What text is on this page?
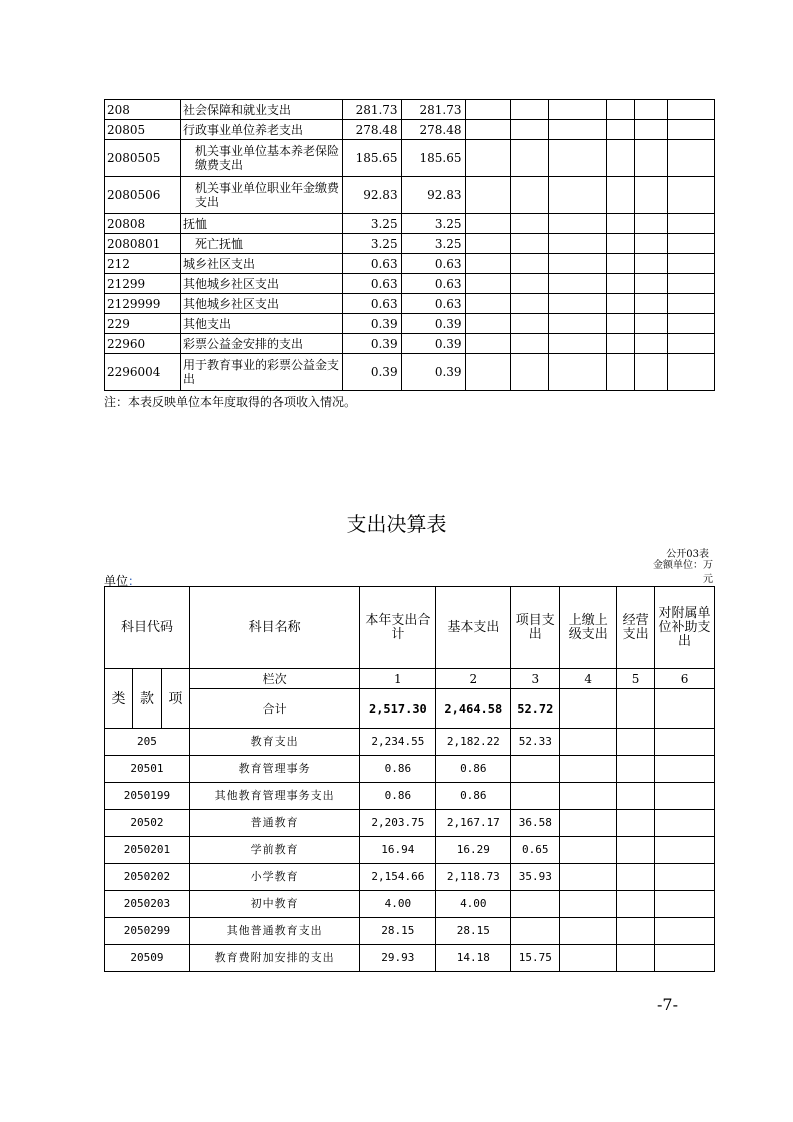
208	社会保障和就业支出	281.73	281.73						
20805	行政事业单位养老支出	278.48	278.48						
2080505	机关事业单位基本养老保险缴费支出	185.65	185.65						
2080506	机关事业单位职业年金缴费支出	92.83	92.83						
20808	抚恤	3.25	3.25						
2080801	死亡抚恤	3.25	3.25						
212	城乡社区支出	0.63	0.63						
21299	其他城乡社区支出	0.63	0.63						
2129999	其他城乡社区支出	0.63	0.63						
229	其他支出	0.39	0.39						
22960	彩票公益金安排的支出	0.39	0.39						
2296004	用于教育事业的彩票公益金支出	0.39	0.39						
注：本表反映单位本年度取得的各项收入情况。
支出决算表
公开03表
金额单位：万元
单位：
科目代码			科目名称	本年支出合计	基本支出	项目支出	上缴上级支出	经营支出	对附属单位补助支出
类	款	项	栏次	1	2	3	4	5	6
			合计	2,517.30	2,464.58	52.72			
205			教育支出	2,234.55	2,182.22	52.33			
20501			教育管理事务	0.86	0.86				
2050199			其他教育管理事务支出	0.86	0.86				
20502			普通教育	2,203.75	2,167.17	36.58			
2050201			学前教育	16.94	16.29	0.65			
2050202			小学教育	2,154.66	2,118.73	35.93			
2050203			初中教育	4.00	4.00				
2050299			其他普通教育支出	28.15	28.15				
20509			教育费附加安排的支出	29.93	14.18	15.75			
-7-
